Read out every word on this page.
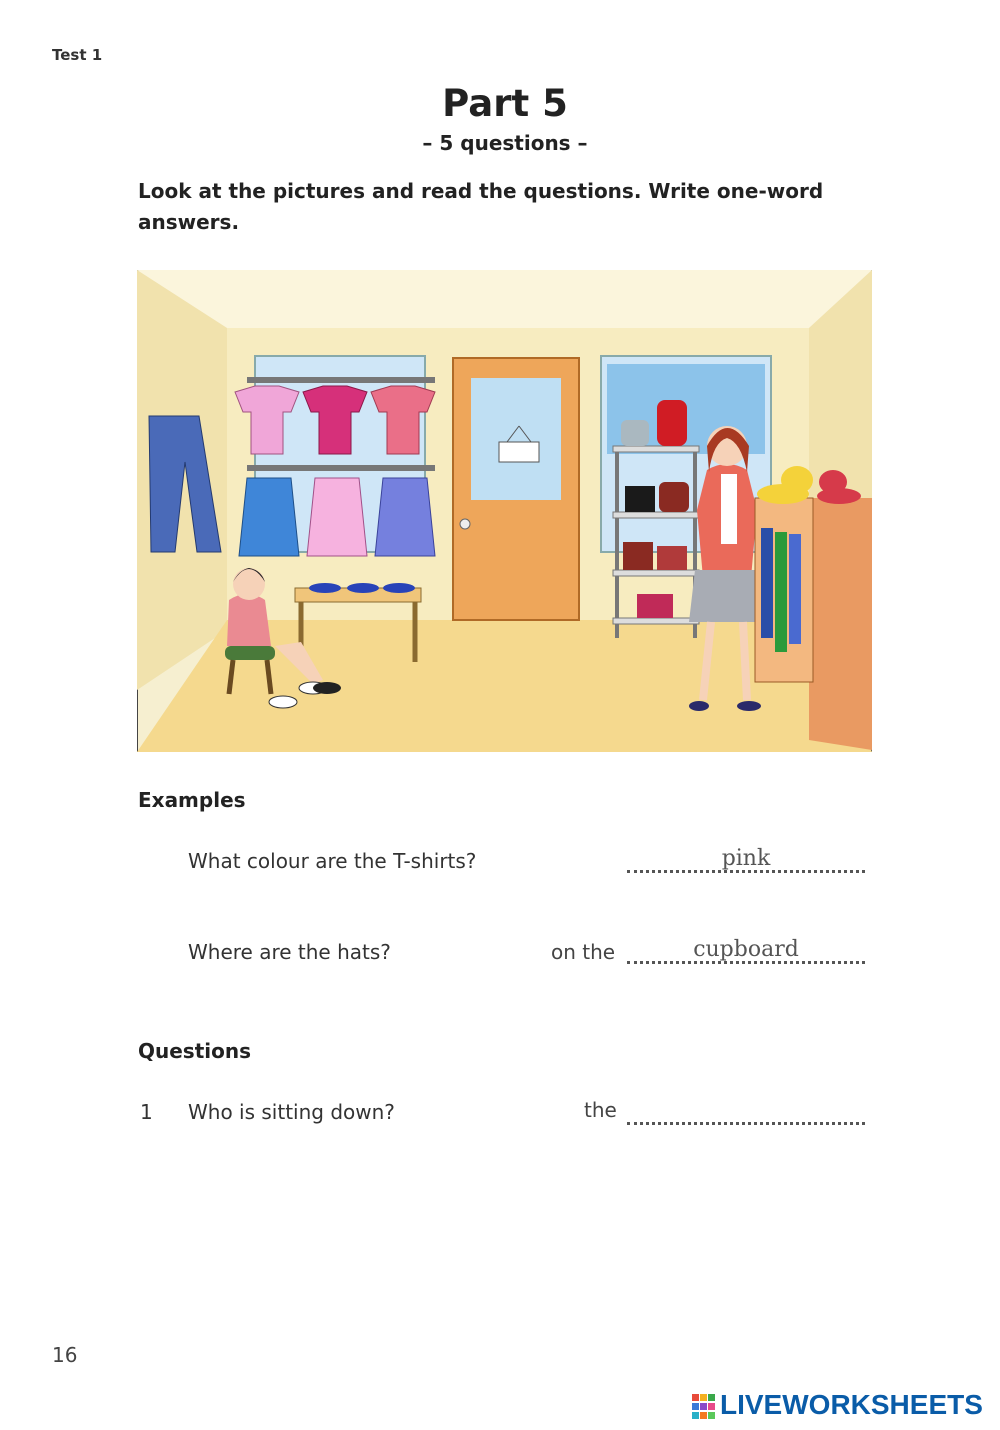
Test 1
Part 5
– 5 questions –
Look at the pictures and read the questions. Write one-word answers.
Examples
What colour are the T-shirts?	pink
Where are the hats?	on the	cupboard
Questions
1 Who is sitting down?	the
16
LIVEWORKSHEETS
